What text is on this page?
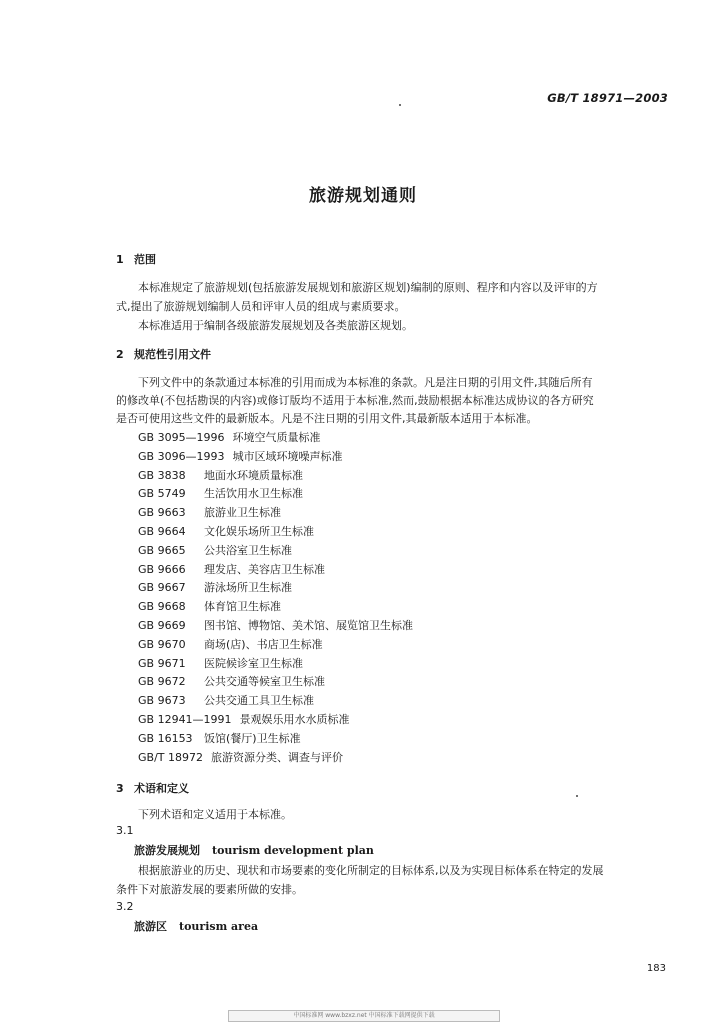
GB/T 18971—2003
旅游规划通则
1 范围
本标准规定了旅游规划(包括旅游发展规划和旅游区规划)编制的原则、程序和内容以及评审的方
式,提出了旅游规划编制人员和评审人员的组成与素质要求。
本标准适用于编制各级旅游发展规划及各类旅游区规划。
2 规范性引用文件
下列文件中的条款通过本标准的引用而成为本标准的条款。凡是注日期的引用文件,其随后所有
的修改单(不包括勘误的内容)或修订版均不适用于本标准,然而,鼓励根据本标准达成协议的各方研究
是否可使用这些文件的最新版本。凡是不注日期的引用文件,其最新版本适用于本标准。
GB 3095—1996 环境空气质量标准
GB 3096—1993 城市区域环境噪声标准
GB 3838 地面水环境质量标准
GB 5749 生活饮用水卫生标准
GB 9663 旅游业卫生标准
GB 9664 文化娱乐场所卫生标准
GB 9665 公共浴室卫生标准
GB 9666 理发店、美容店卫生标准
GB 9667 游泳场所卫生标准
GB 9668 体育馆卫生标准
GB 9669 图书馆、博物馆、美术馆、展览馆卫生标准
GB 9670 商场(店)、书店卫生标准
GB 9671 医院候诊室卫生标准
GB 9672 公共交通等候室卫生标准
GB 9673 公共交通工具卫生标准
GB 12941—1991 景观娱乐用水水质标准
GB 16153 饭馆(餐厅)卫生标准
GB/T 18972 旅游资源分类、调查与评价
3 术语和定义
下列术语和定义适用于本标准。
3.1
旅游发展规划 tourism development plan
根据旅游业的历史、现状和市场要素的变化所制定的目标体系,以及为实现目标体系在特定的发展
条件下对旅游发展的要素所做的安排。
3.2
旅游区 tourism area
183
中国标准网 www.bzxz.net 中国标准下载网提供下载
